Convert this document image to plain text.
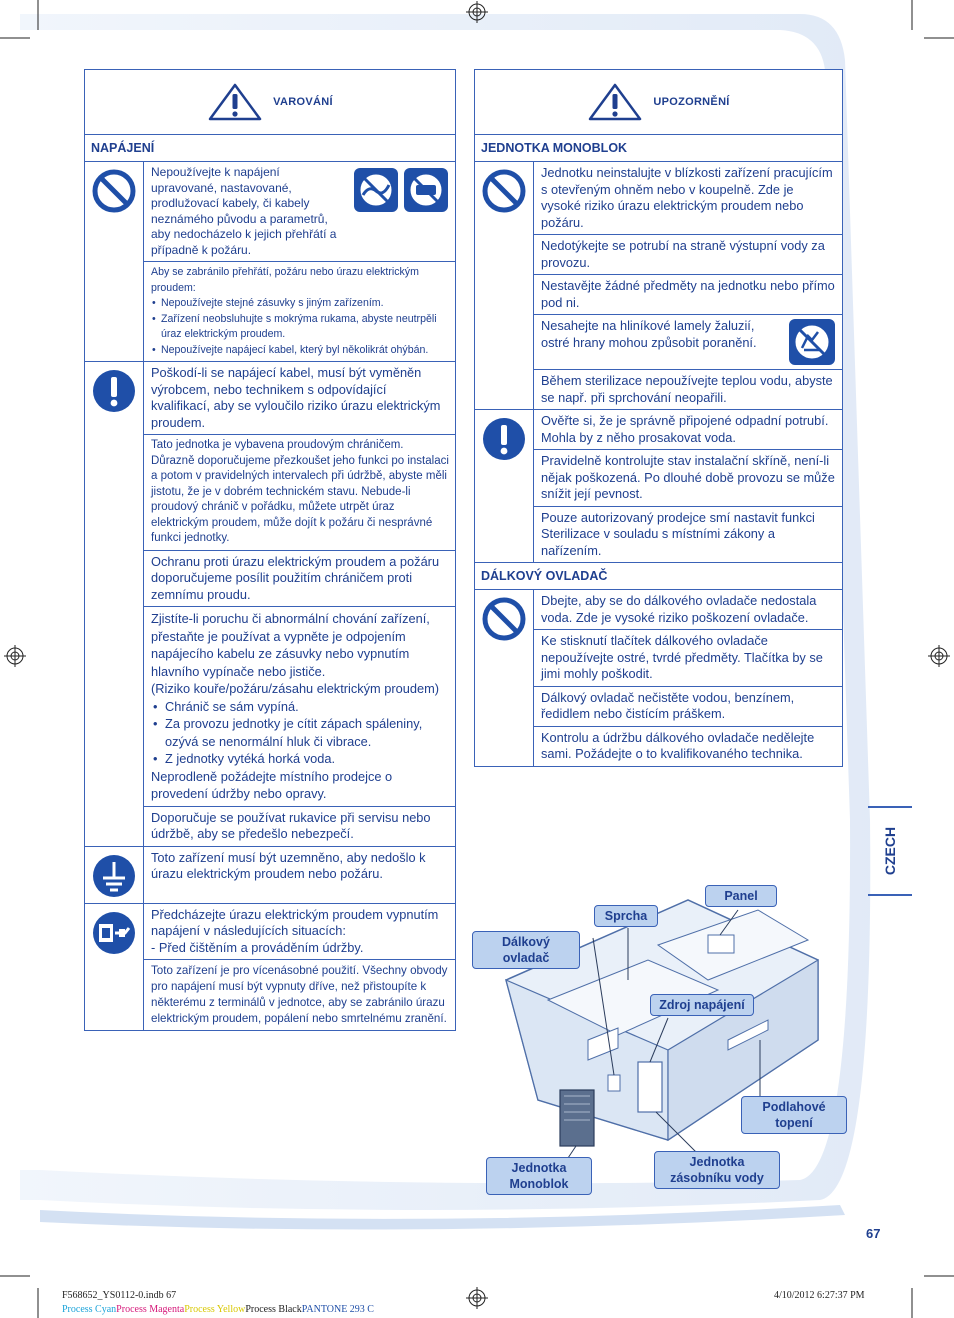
VAROVÁNÍ
NAPÁJENÍ

Nepoužívejte k napájení upravované, nastavované, prodlužovací kabely, či kabely neznámého původu a parametrů, aby nedocházelo k jejich přehřátí a případně k požáru.

Aby se zabránilo přehřátí, požáru nebo úrazu elektrickým proudem:

• Nepoužívejte stejné zásuvky s jiným zařízením.
• Zařízení neobsluhujte s mokrýma rukama, abyste neutrpěli úraz elektrickým proudem.
• Nepoužívejte napájecí kabel, který byl několikrát ohýbán.
Poškodí-li se napájecí kabel, musí být vyměněn výrobcem, nebo technikem s odpovídající kvalifikací, aby se vyloučilo riziko úrazu elektrickým proudem.
Tato jednotka je vybavena proudovým chráničem. Důrazně doporučujeme přezkoušet jeho funkci po instalaci a potom v pravidelných intervalech při údržbě, abyste měli jistotu, že je v dobrém technickém stavu. Nebude-li proudový chránič v pořádku, můžete utrpět úraz elektrickým proudem, může dojít k požáru či nesprávné funkci jednotky.
Ochranu proti úrazu elektrickým proudem a požáru doporučujeme posílit použitím chráničem proti zemnímu proudu.

Zjistíte-li poruchu či abnormální chování zařízení, přestaňte je používat a vypněte je odpojením napájecího kabelu ze zásuvky nebo vypnutím hlavního vypínače nebo jističe.

(Riziko kouře/požáru/zásahu elektrickým proudem)

• Chránič se sám vypíná.
• Za provozu jednotky je cítit zápach spáleniny, ozývá se nenormální hluk či vibrace.
• Z jednotky vytéká horká voda.

Neprodleně požádejte místního prodejce o provedení údržby nebo opravy.

Doporučuje se používat rukavice při servisu nebo údržbě, aby se předešlo nebezpečí.
Toto zařízení musí být uzemněno, aby nedošlo k úrazu elektrickým proudem nebo požáru.

Předcházejte úrazu elektrickým proudem vypnutím napájení v následujících situacích:

- Před čištěním a prováděním údržby.

Toto zařízení je pro vícenásobné použití. Všechny obvody pro napájení musí být vypnuty dříve, než přistoupíte k některému z terminálů v jednotce, aby se zabránilo úrazu elektrickým proudem, popálení nebo smrtelnému zranění.
UPOZORNĚNÍ
JEDNOTKA MONOBLOK
Jednotku neinstalujte v blízkosti zařízení pracujícím s otevřeným ohněm nebo v koupelně. Zde je vysoké riziko úrazu elektrickým proudem nebo požáru.
Nedotýkejte se potrubí na straně výstupní vody za provozu.
Nestavějte žádné předměty na jednotku nebo přímo pod ni.

Nesahejte na hliníkové lamely žaluzií, ostré hrany mohou způsobit poranění.

Během sterilizace nepoužívejte teplou vodu, abyste se např. při sprchování neopařili.
Ověřte si, že je správně připojené odpadní potrubí. Mohla by z něho prosakovat voda.
Pravidelně kontrolujte stav instalační skříně, není-li nějak poškozená. Po dlouhé době provozu se může snížit její pevnost.
Pouze autorizovaný prodejce smí nastavit funkci Sterilizace v souladu s místními zákony a nařízením.
DÁLKOVÝ OVLADAČ
Dbejte, aby se do dálkového ovladače nedostala voda. Zde je vysoké riziko poškození ovladače.
Ke stisknutí tlačítek dálkového ovladače nepoužívejte ostré, tvrdé předměty. Tlačítka by se jimi mohly poškodit.
Dálkový ovladač nečistěte vodou, benzínem, ředidlem nebo čistícím práškem.
Kontrolu a údržbu dálkového ovladače nedělejte sami. Požádejte o to kvalifikovaného technika.
CZECH
Dálkový ovladač
Sprcha
Panel
Zdroj napájení
Podlahové topení
Jednotka Monoblok
Jednotka zásobníku vody
67
F568652_YS0112-0.indb 67	4/10/2012 6:27:37 PM
Process CyanProcess MagentaProcess YellowProcess BlackPANTONE 293 C
